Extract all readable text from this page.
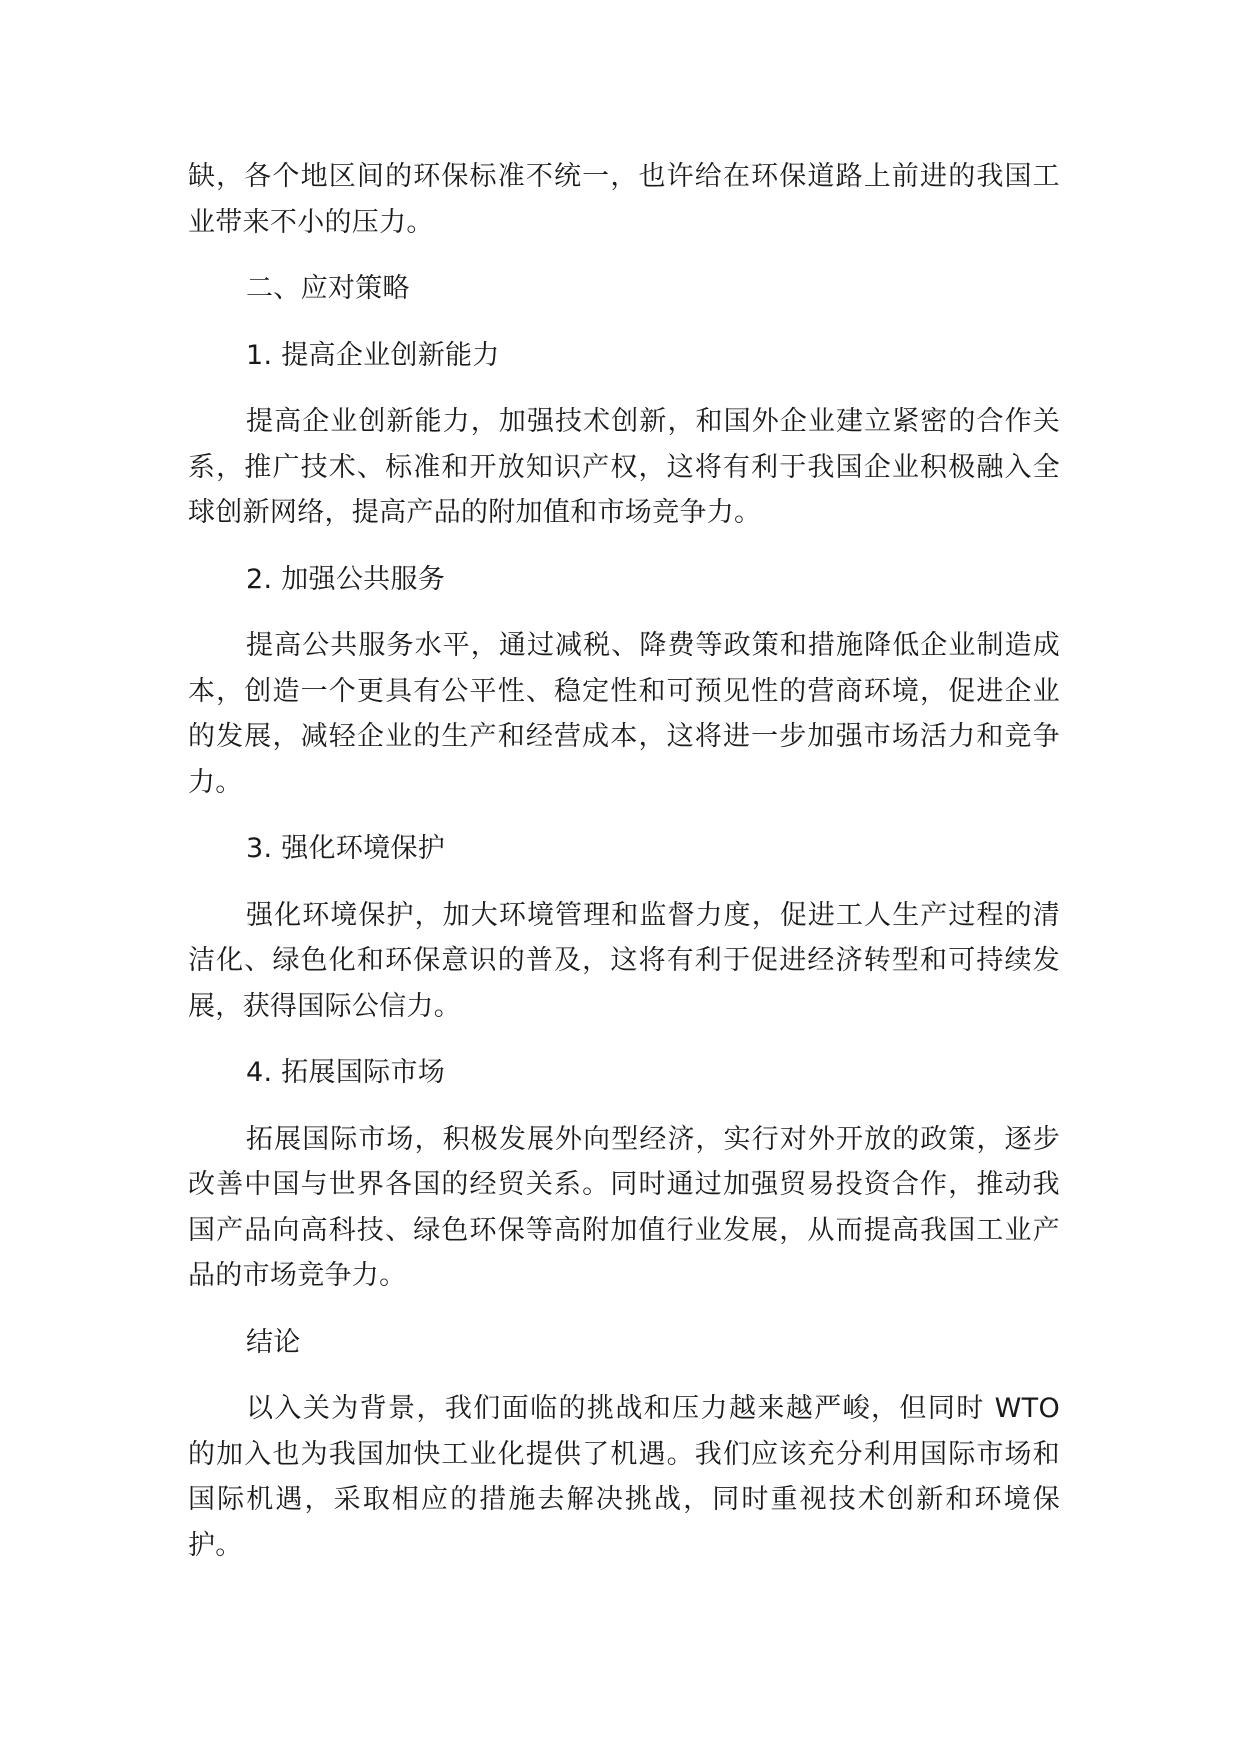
缺，各个地区间的环保标准不统一，也许给在环保道路上前进的我国工业带来不小的压力。

二、应对策略

1. 提高企业创新能力

提高企业创新能力，加强技术创新，和国外企业建立紧密的合作关系，推广技术、标准和开放知识产权，这将有利于我国企业积极融入全球创新网络，提高产品的附加值和市场竞争力。

2. 加强公共服务

提高公共服务水平，通过减税、降费等政策和措施降低企业制造成本，创造一个更具有公平性、稳定性和可预见性的营商环境，促进企业的发展，减轻企业的生产和经营成本，这将进一步加强市场活力和竞争力。

3. 强化环境保护

强化环境保护，加大环境管理和监督力度，促进工人生产过程的清洁化、绿色化和环保意识的普及，这将有利于促进经济转型和可持续发展，获得国际公信力。

4. 拓展国际市场

拓展国际市场，积极发展外向型经济，实行对外开放的政策，逐步改善中国与世界各国的经贸关系。同时通过加强贸易投资合作，推动我国产品向高科技、绿色环保等高附加值行业发展，从而提高我国工业产品的市场竞争力。

结论

以入关为背景，我们面临的挑战和压力越来越严峻，但同时 WTO 的加入也为我国加快工业化提供了机遇。我们应该充分利用国际市场和国际机遇，采取相应的措施去解决挑战，同时重视技术创新和环境保护。
